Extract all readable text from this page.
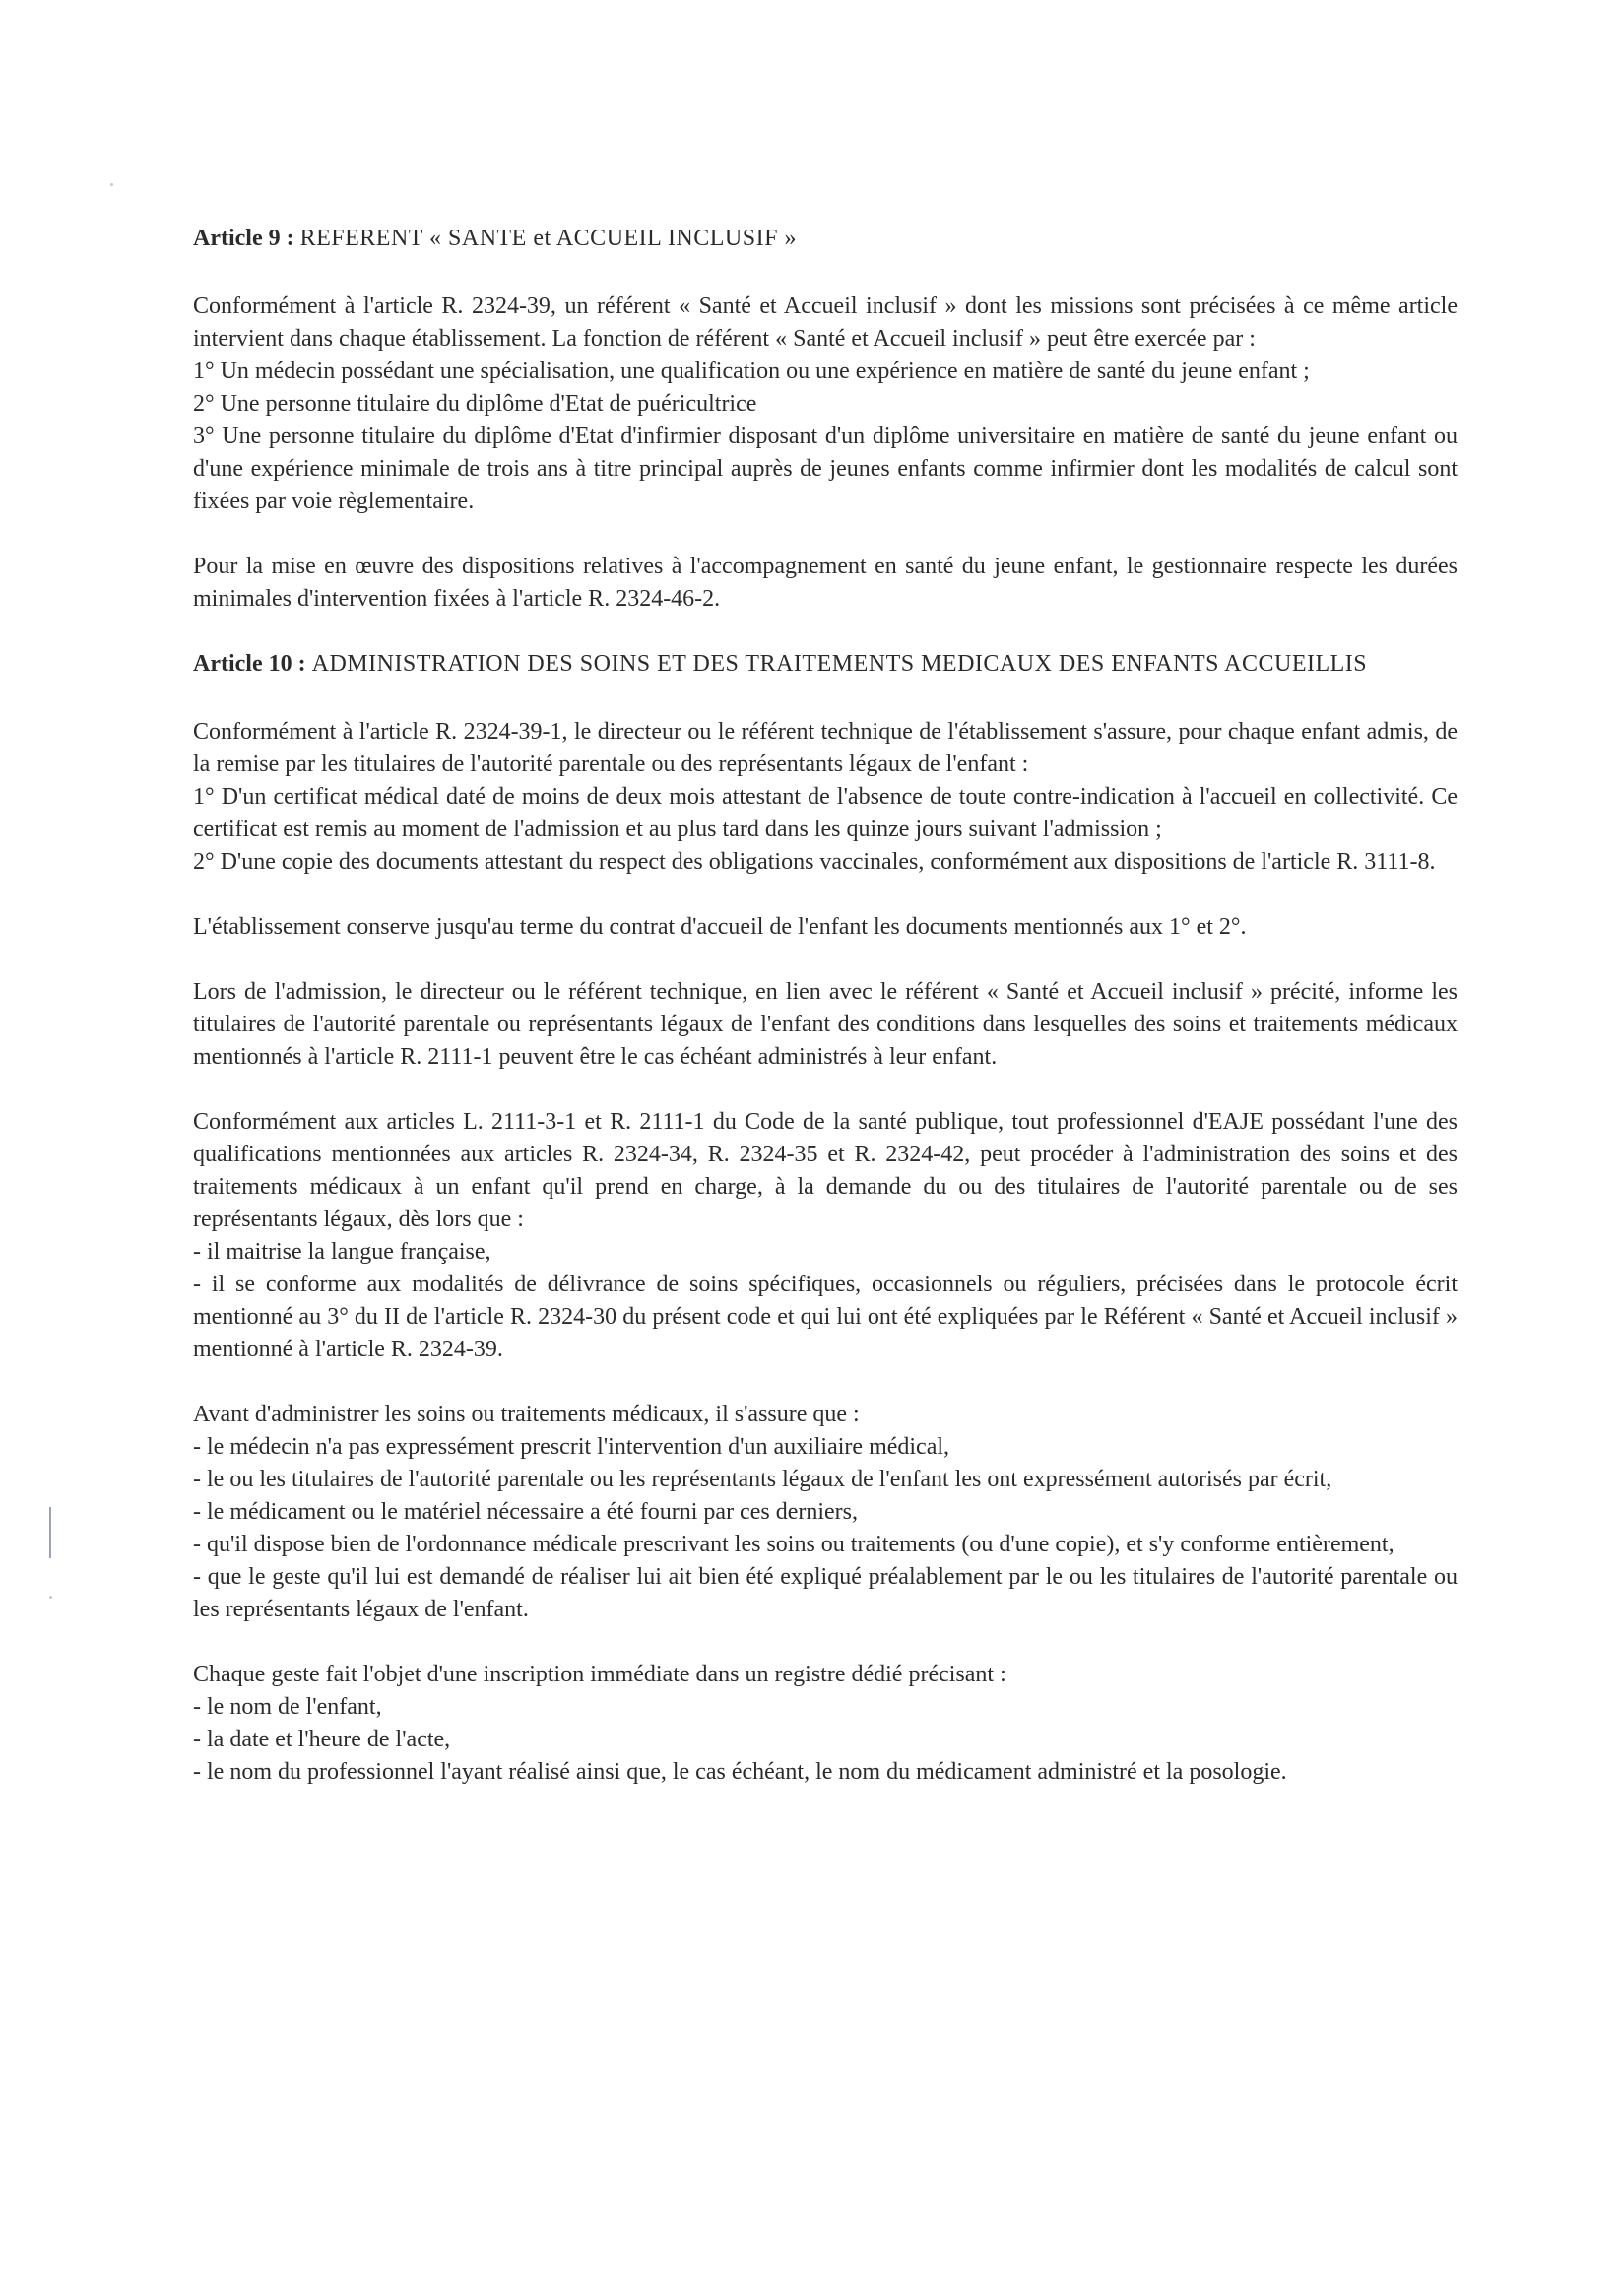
Article 9 : REFERENT « SANTE et ACCUEIL INCLUSIF »
Conformément à l'article R. 2324-39, un référent « Santé et Accueil inclusif » dont les missions sont précisées à ce même article intervient dans chaque établissement. La fonction de référent « Santé et Accueil inclusif » peut être exercée par :
1° Un médecin possédant une spécialisation, une qualification ou une expérience en matière de santé du jeune enfant ;
2° Une personne titulaire du diplôme d'Etat de puéricultrice
3° Une personne titulaire du diplôme d'Etat d'infirmier disposant d'un diplôme universitaire en matière de santé du jeune enfant ou d'une expérience minimale de trois ans à titre principal auprès de jeunes enfants comme infirmier dont les modalités de calcul sont fixées par voie règlementaire.
Pour la mise en œuvre des dispositions relatives à l'accompagnement en santé du jeune enfant, le gestionnaire respecte les durées minimales d'intervention fixées à l'article R. 2324-46-2.
Article 10 : ADMINISTRATION DES SOINS ET DES TRAITEMENTS MEDICAUX DES ENFANTS ACCUEILLIS
Conformément à l'article R. 2324-39-1, le directeur ou le référent technique de l'établissement s'assure, pour chaque enfant admis, de la remise par les titulaires de l'autorité parentale ou des représentants légaux de l'enfant :
1° D'un certificat médical daté de moins de deux mois attestant de l'absence de toute contre-indication à l'accueil en collectivité. Ce certificat est remis au moment de l'admission et au plus tard dans les quinze jours suivant l'admission ;
2° D'une copie des documents attestant du respect des obligations vaccinales, conformément aux dispositions de l'article R. 3111-8.
L'établissement conserve jusqu'au terme du contrat d'accueil de l'enfant les documents mentionnés aux 1° et 2°.
Lors de l'admission, le directeur ou le référent technique, en lien avec le référent « Santé et Accueil inclusif » précité, informe les titulaires de l'autorité parentale ou représentants légaux de l'enfant des conditions dans lesquelles des soins et traitements médicaux mentionnés à l'article R. 2111-1 peuvent être le cas échéant administrés à leur enfant.
Conformément aux articles L. 2111-3-1 et R. 2111-1 du Code de la santé publique, tout professionnel d'EAJE possédant l'une des qualifications mentionnées aux articles R. 2324-34, R. 2324-35 et R. 2324-42, peut procéder à l'administration des soins et des traitements médicaux à un enfant qu'il prend en charge, à la demande du ou des titulaires de l'autorité parentale ou de ses représentants légaux, dès lors que :
- il maitrise la langue française,
- il se conforme aux modalités de délivrance de soins spécifiques, occasionnels ou réguliers, précisées dans le protocole écrit mentionné au 3° du II de l'article R. 2324-30 du présent code et qui lui ont été expliquées par le Référent « Santé et Accueil inclusif » mentionné à l'article R. 2324-39.
Avant d'administrer les soins ou traitements médicaux, il s'assure que :
- le médecin n'a pas expressément prescrit l'intervention d'un auxiliaire médical,
- le ou les titulaires de l'autorité parentale ou les représentants légaux de l'enfant les ont expressément autorisés par écrit,
- le médicament ou le matériel nécessaire a été fourni par ces derniers,
- qu'il dispose bien de l'ordonnance médicale prescrivant les soins ou traitements (ou d'une copie), et s'y conforme entièrement,
- que le geste qu'il lui est demandé de réaliser lui ait bien été expliqué préalablement par le ou les titulaires de l'autorité parentale ou les représentants légaux de l'enfant.
Chaque geste fait l'objet d'une inscription immédiate dans un registre dédié précisant :
- le nom de l'enfant,
- la date et l'heure de l'acte,
- le nom du professionnel l'ayant réalisé ainsi que, le cas échéant, le nom du médicament administré et la posologie.
